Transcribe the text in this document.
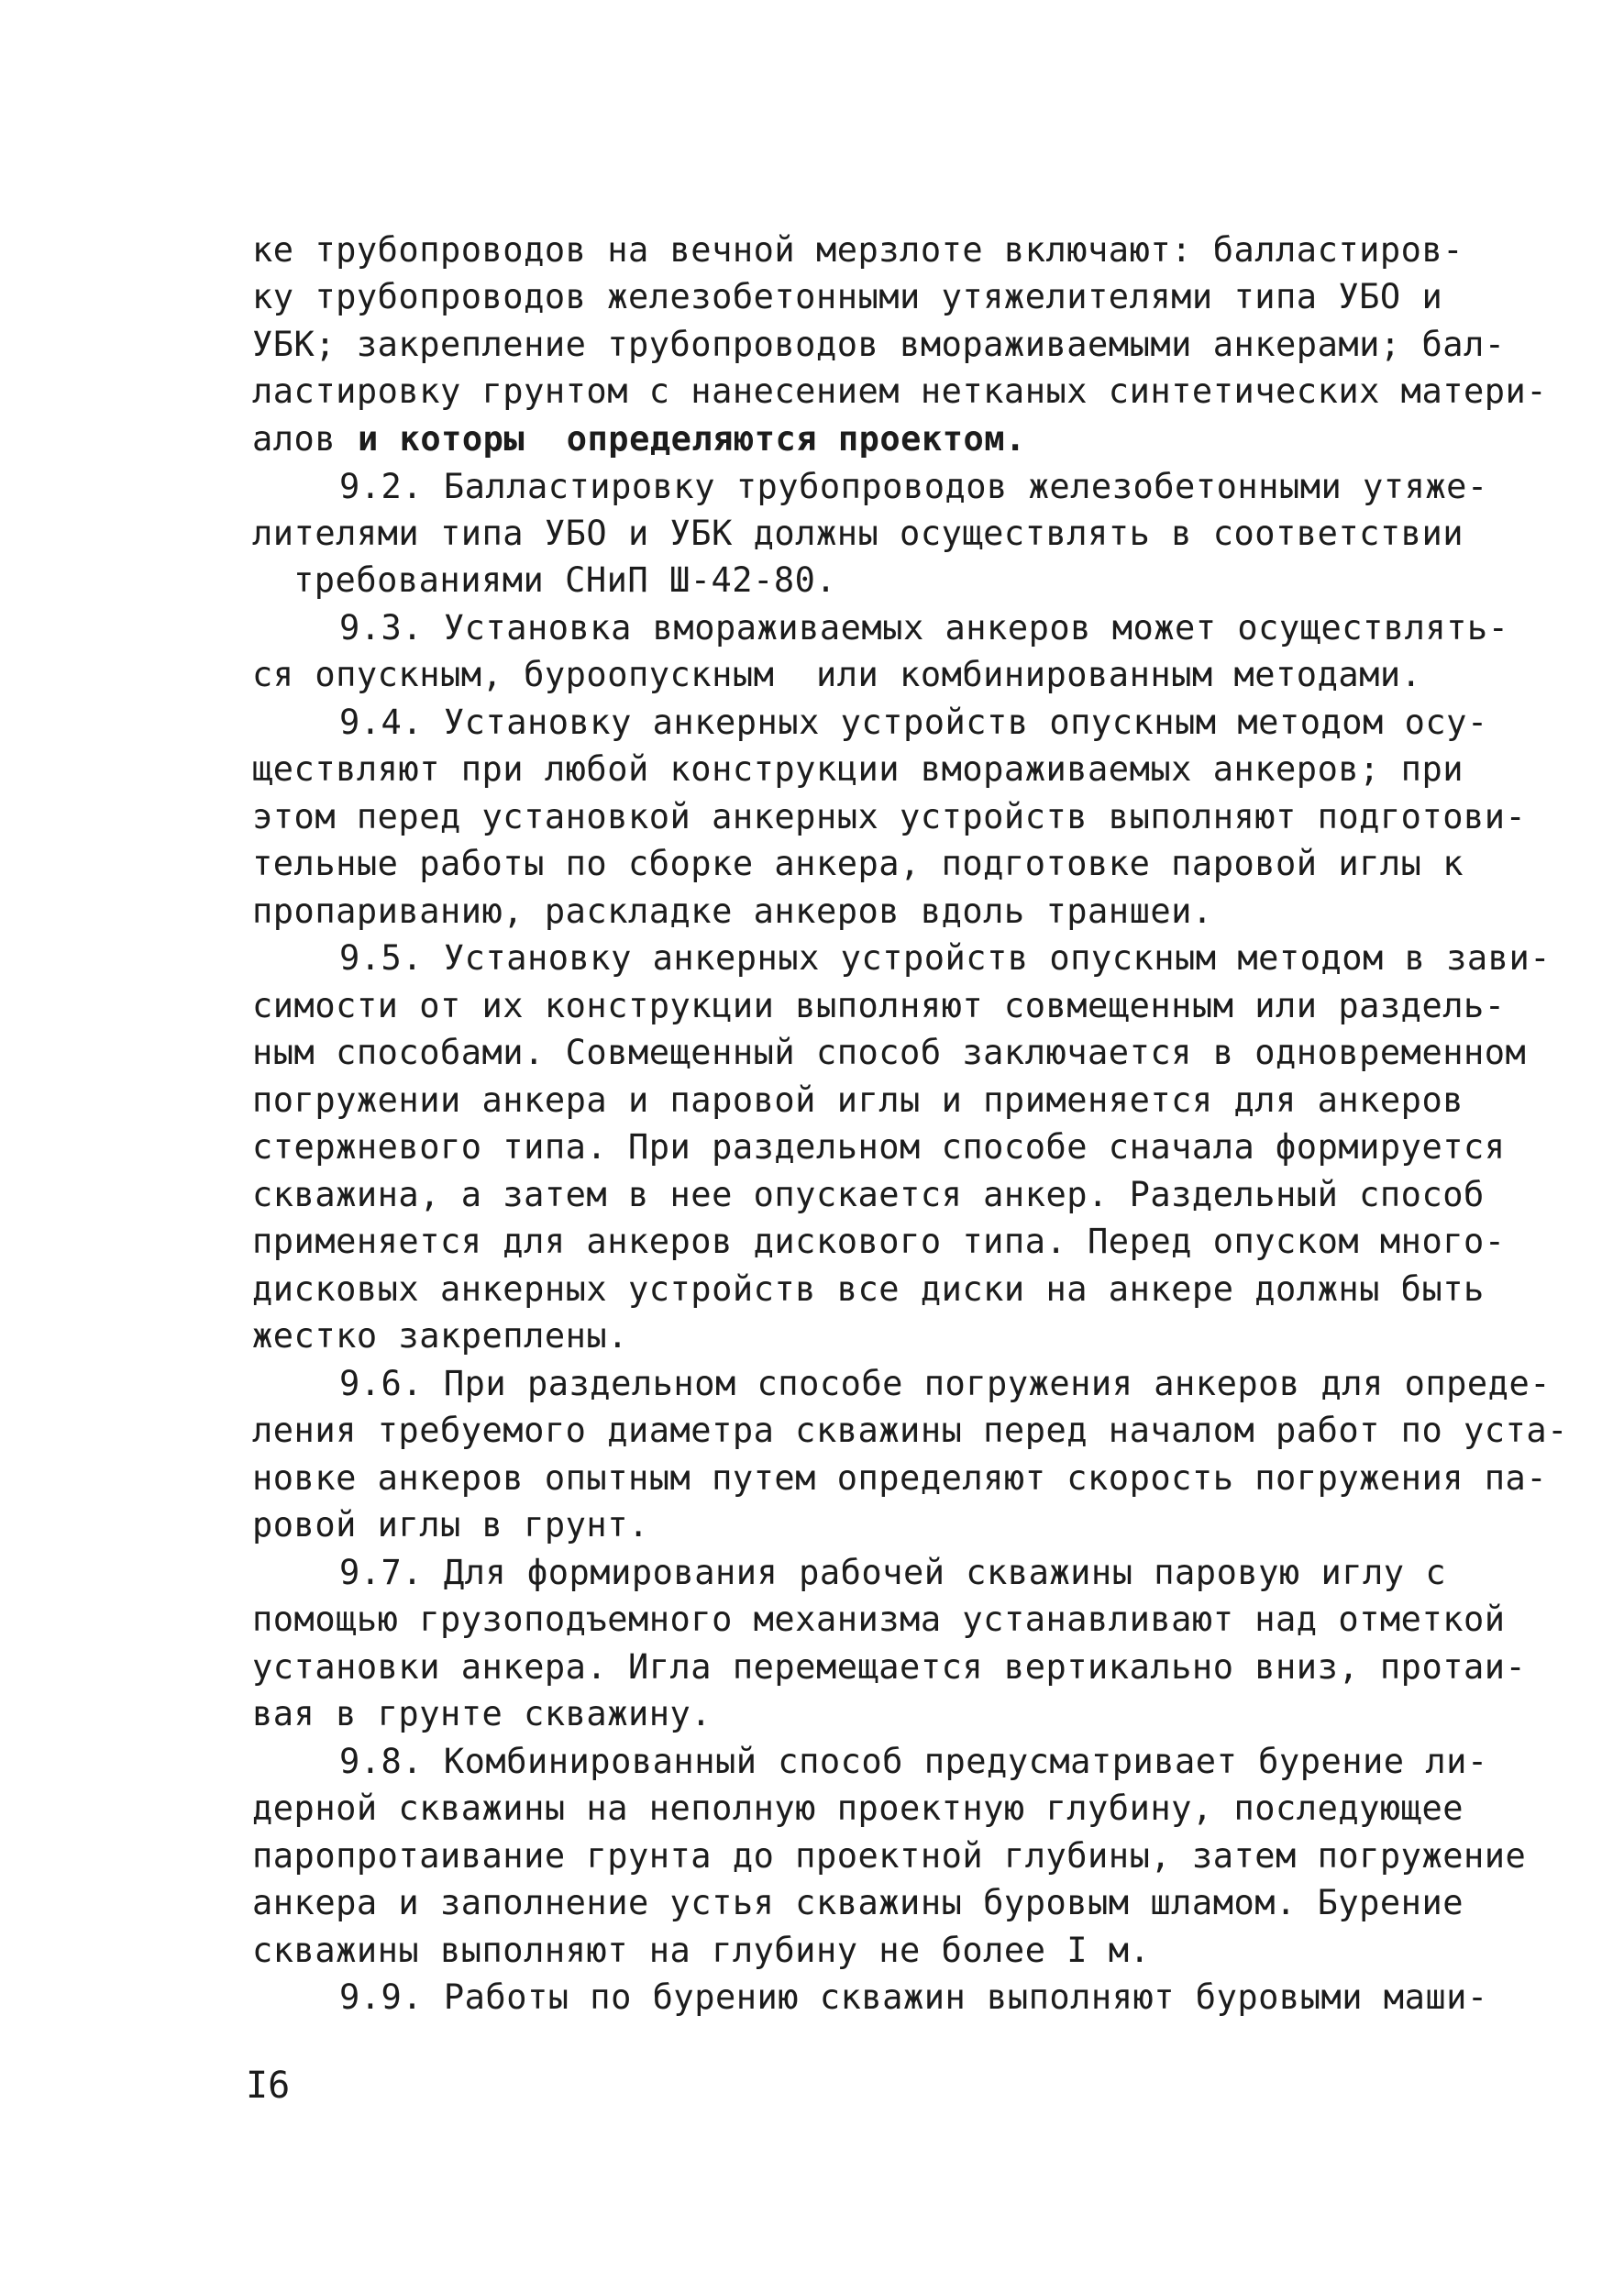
ке трубопроводов на вечной мерзлоте включают: балластиров-
ку трубопроводов железобетонными утяжелителями типа УБО и
УБК; закрепление трубопроводов вмораживаемыми анкерами; бал-
ластировку грунтом с нанесением нетканых синтетических матери-
алов и которы  определяются проектом.
9.2. Балластировку трубопроводов железобетонными утяже-
лителями типа УБО и УБК должны осуществлять в соответствии
требованиями СНиП Ш-42-80.
9.3. Установка вмораживаемых анкеров может осуществлять-
ся опускным, буроопускным  или комбинированным методами.
9.4. Установку анкерных устройств опускным методом осу-
ществляют при любой конструкции вмораживаемых анкеров; при
этом перед установкой анкерных устройств выполняют подготови-
тельные работы по сборке анкера, подготовке паровой иглы к
пропариванию, раскладке анкеров вдоль траншеи.
9.5. Установку анкерных устройств опускным методом в зави-
симости от их конструкции выполняют совмещенным или раздель-
ным способами. Совмещенный способ заключается в одновременном
погружении анкера и паровой иглы и применяется для анкеров
стержневого типа. При раздельном способе сначала формируется
скважина, а затем в нее опускается анкер. Раздельный способ
применяется для анкеров дискового типа. Перед опуском много-
дисковых анкерных устройств все диски на анкере должны быть
жестко закреплены.
9.6. При раздельном способе погружения анкеров для опреде-
ления требуемого диаметра скважины перед началом работ по уста-
новке анкеров опытным путем определяют скорость погружения па-
ровой иглы в грунт.
9.7. Для формирования рабочей скважины паровую иглу с
помощью грузоподъемного механизма устанавливают над отметкой
установки анкера. Игла перемещается вертикально вниз, протаи-
вая в грунте скважину.
9.8. Комбинированный способ предусматривает бурение ли-
дерной скважины на неполную проектную глубину, последующее
паропротаивание грунта до проектной глубины, затем погружение
анкера и заполнение устья скважины буровым шламом. Бурение
скважины выполняют на глубину не более I м.
9.9. Работы по бурению скважин выполняют буровыми маши-
I6
